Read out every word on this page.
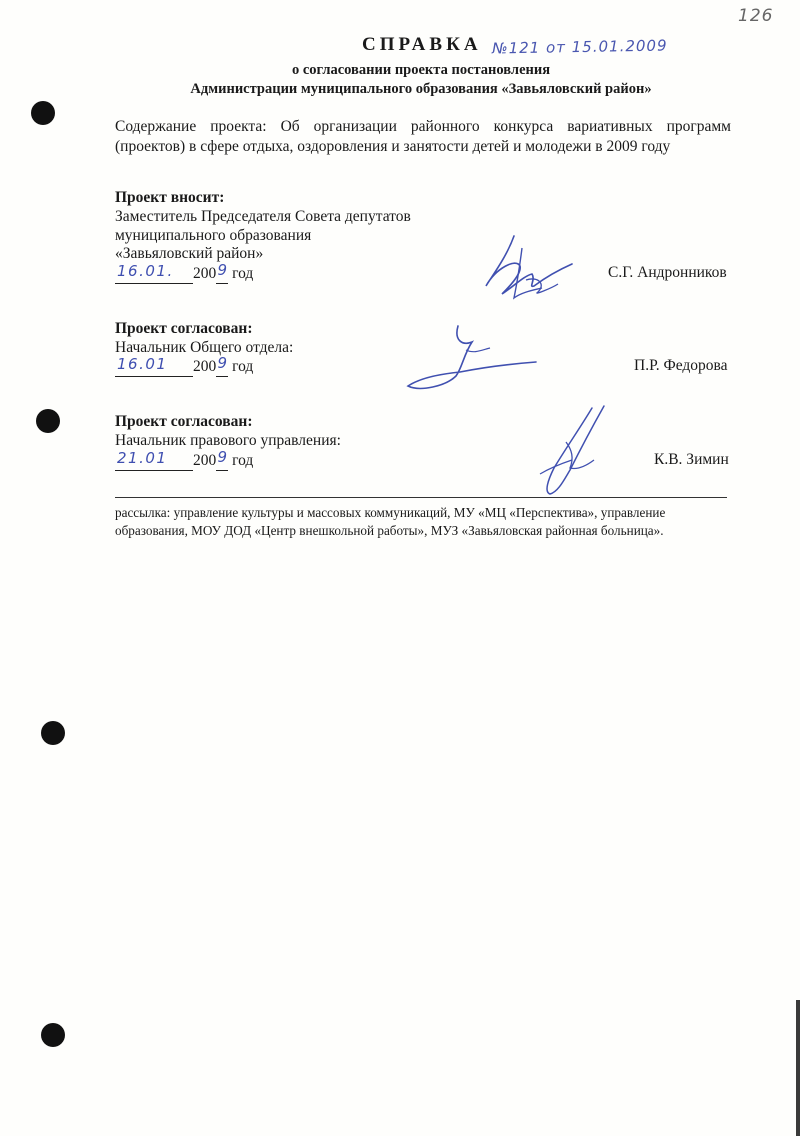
126
СПРАВКА №121 от 15.01.2009
о согласовании проекта постановления
Администрации муниципального образования «Завьяловский район»
Содержание проекта: Об организации районного конкурса вариативных программ (проектов) в сфере отдыха, оздоровления и занятости детей и молодежи в 2009 году
Проект вносит:
Заместитель Председателя Совета депутатов
муниципального образования
«Завьяловский район»
16.01. 2009 год	С.Г. Андронников
Проект согласован:
Начальник Общего отдела:
16.01 2009 год	П.Р. Федорова
Проект согласован:
Начальник правового управления:
21.01 2009 год	К.В. Зимин
рассылка: управление культуры и массовых коммуникаций, МУ «МЦ «Перспектива», управление образования, МОУ ДОД «Центр внешкольной работы», МУЗ «Завьяловская районная больница».
